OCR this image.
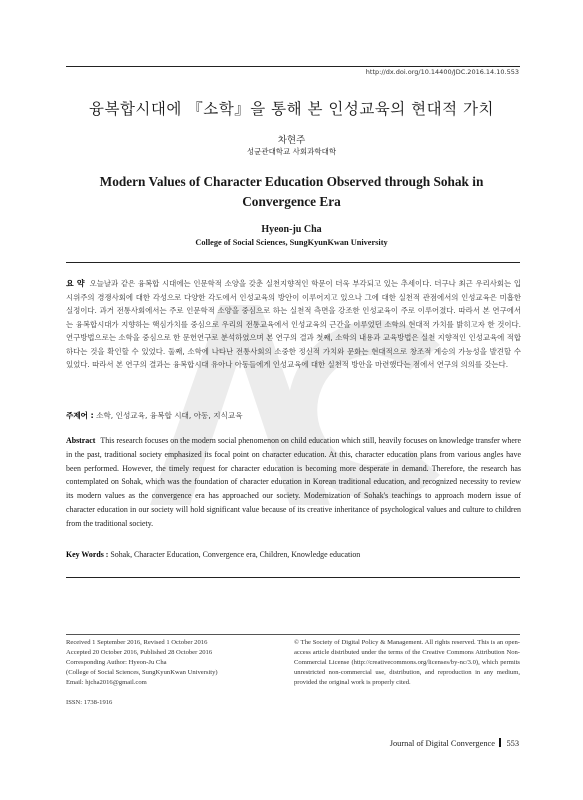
http://dx.doi.org/10.14400/JDC.2016.14.10.553
융복합시대에 『소학』을 통해 본 인성교육의 현대적 가치
차현주
성균관대학교 사회과학대학
Modern Values of Character Education Observed through Sohak in
Convergence Era
Hyeon-ju Cha
College of Social Sciences, SungKyunKwan University
요 약 오늘날과 같은 융복합 시대에는 인문학적 소양을 갖춘 실천지향적인 학문이 더욱 부각되고 있는 추세이다. 더구나 최근 우리사회는 입시위주의 경쟁사회에 대한 각성으로 다양한 각도에서 인성교육의 방안이 이루어지고 있으나 그에 대한 실천적 관점에서의 인성교육은 미흡한 실정이다. 과거 전통사회에서는 주로 인문학적 소양을 중심으로 하는 실천적 측면을 강조한 인성교육이 주로 이루어졌다. 따라서 본 연구에서는 융복합시대가 지향하는 핵심가치를 중심으로 우리의 전통교육에서 인성교육의 근간을 이루었던 소학의 현대적 가치를 밝히고자 한 것이다. 연구방법으로는 소학을 중심으로 한 문헌연구로 분석하였으며 본 연구의 결과 첫째, 소학의 내용과 교육방법은 실천 지향적인 인성교육에 적합하다는 것을 확인할 수 있었다. 둘째, 소학에 나타난 전통사회의 소중한 정신적 가치와 문화는 현대적으로 창조적 계승의 가능성을 발견할 수 있었다. 따라서 본 연구의 결과는 융복합시대 유아나 아동들에게 인성교육에 대한 실천적 방안을 마련했다는 점에서 연구의 의의를 갖는다.
주제어 : 소학, 인성교육, 융복합 시대, 아동, 지식교육
Abstract This research focuses on the modern social phenomenon on child education which still, heavily focuses on knowledge transfer where in the past, traditional society emphasized its focal point on character education. At this, character education plans from various angles have been performed. However, the timely request for character education is becoming more desperate in demand. Therefore, the research has contemplated on Sohak, which was the foundation of character education in Korean traditional education, and recognized necessity to review its modern values as the convergence era has approached our society. Modernization of Sohak's teachings to approach modern issue of character education in our society will hold significant value because of its creative inheritance of psychological values and culture to children from the traditional society.
Key Words : Sohak, Character Education, Convergence era, Children, Knowledge education
Received 1 September 2016, Revised 1 October 2016
Accepted 20 October 2016, Published 28 October 2016
Corresponding Author: Hyeon-Ju Cha
(College of Social Sciences, SungKyunKwan University)
Email: hjcha2016@gmail.com
ISSN: 1738-1916
© The Society of Digital Policy & Management. All rights reserved. This is an open-access article distributed under the terms of the Creative Commons Attribution Non-Commercial License (http://creativecommons.org/licenses/by-nc/3.0), which permits unrestricted non-commercial use, distribution, and reproduction in any medium, provided the original work is properly cited.
Journal of Digital Convergence 553
